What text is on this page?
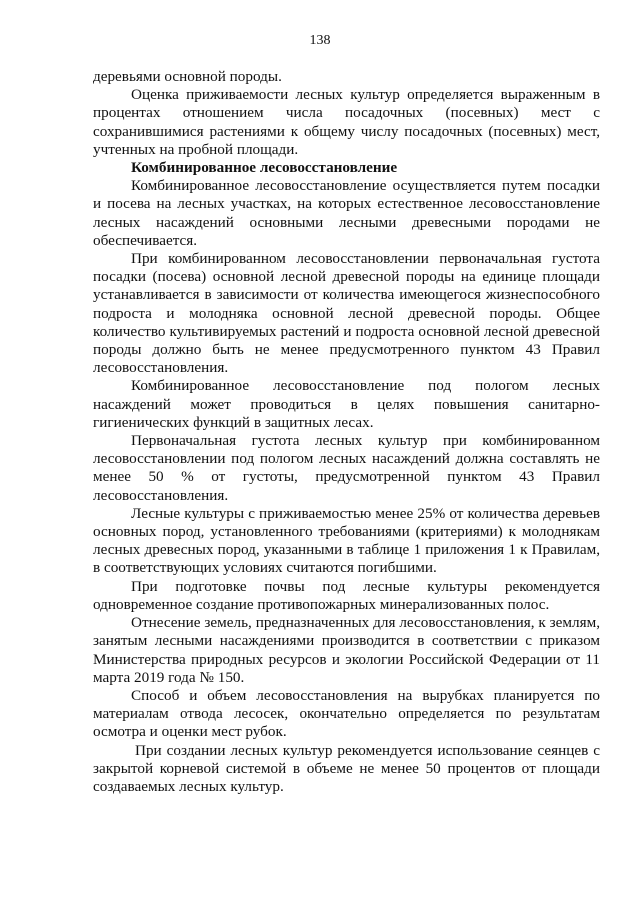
138

деревьями основной породы.

Оценка приживаемости лесных культур определяется выраженным в процентах отношением числа посадочных (посевных) мест с сохранившимися растениями к общему числу посадочных (посевных) мест, учтенных на пробной площади.

Комбинированное лесовосстановление

Комбинированное лесовосстановление осуществляется путем посадки и посева на лесных участках, на которых естественное лесовосстановление лесных насаждений основными лесными древесными породами не обеспечивается.

При комбинированном лесовосстановлении первоначальная густота посадки (посева) основной лесной древесной породы на единице площади устанавливается в зависимости от количества имеющегося жизнеспособного подроста и молодняка основной лесной древесной породы. Общее количество культивируемых растений и подроста основной лесной древесной породы должно быть не менее предусмотренного пунктом 43 Правил лесовосстановления.

Комбинированное лесовосстановление под пологом лесных насаждений может проводиться в целях повышения санитарно-гигиенических функций в защитных лесах.

Первоначальная густота лесных культур при комбинированном лесовосстановлении под пологом лесных насаждений должна составлять не менее 50 % от густоты, предусмотренной пунктом 43 Правил лесовосстановления.

Лесные культуры с приживаемостью менее 25% от количества деревьев основных пород, установленного требованиями (критериями) к молоднякам лесных древесных пород, указанными в таблице 1 приложения 1 к Правилам, в соответствующих условиях считаются погибшими.

При подготовке почвы под лесные культуры рекомендуется одновременное создание противопожарных минерализованных полос.

Отнесение земель, предназначенных для лесовосстановления, к землям, занятым лесными насаждениями производится в соответствии с приказом Министерства природных ресурсов и экологии Российской Федерации от 11 марта 2019 года № 150.

Способ и объем лесовосстановления на вырубках планируется по материалам отвода лесосек, окончательно определяется по результатам осмотра и оценки мест рубок.

При создании лесных культур рекомендуется использование сеянцев с закрытой корневой системой в объеме не менее 50 процентов от площади создаваемых лесных культур.
